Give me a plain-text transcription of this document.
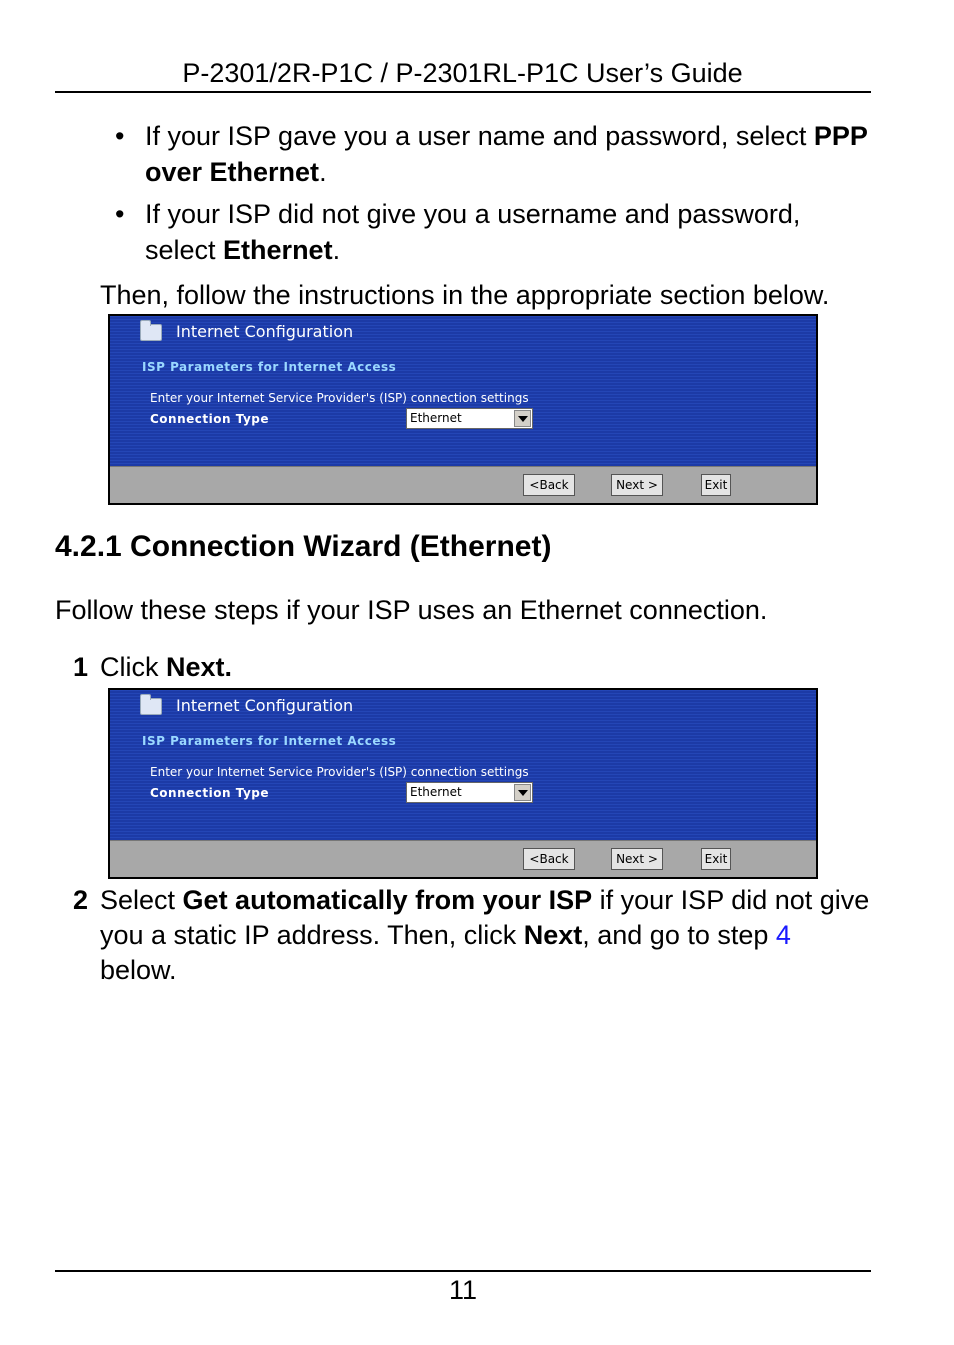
P-2301/2R-P1C / P-2301RL-P1C User’s Guide
• If your ISP gave you a user name and password, select PPP over Ethernet.
• If your ISP did not give you a username and password, select Ethernet.
Then, follow the instructions in the appropriate section below.
Internet Configuration
ISP Parameters for Internet Access
Enter your Internet Service Provider's (ISP) connection settings
Connection Type	Ethernet
<Back	Next >	Exit
4.2.1 Connection Wizard (Ethernet)
Follow these steps if your ISP uses an Ethernet connection.
1 Click Next.
Internet Configuration
ISP Parameters for Internet Access
Enter your Internet Service Provider's (ISP) connection settings
Connection Type	Ethernet
<Back	Next >	Exit
2 Select Get automatically from your ISP if your ISP did not give you a static IP address. Then, click Next, and go to step 4 below.
11
